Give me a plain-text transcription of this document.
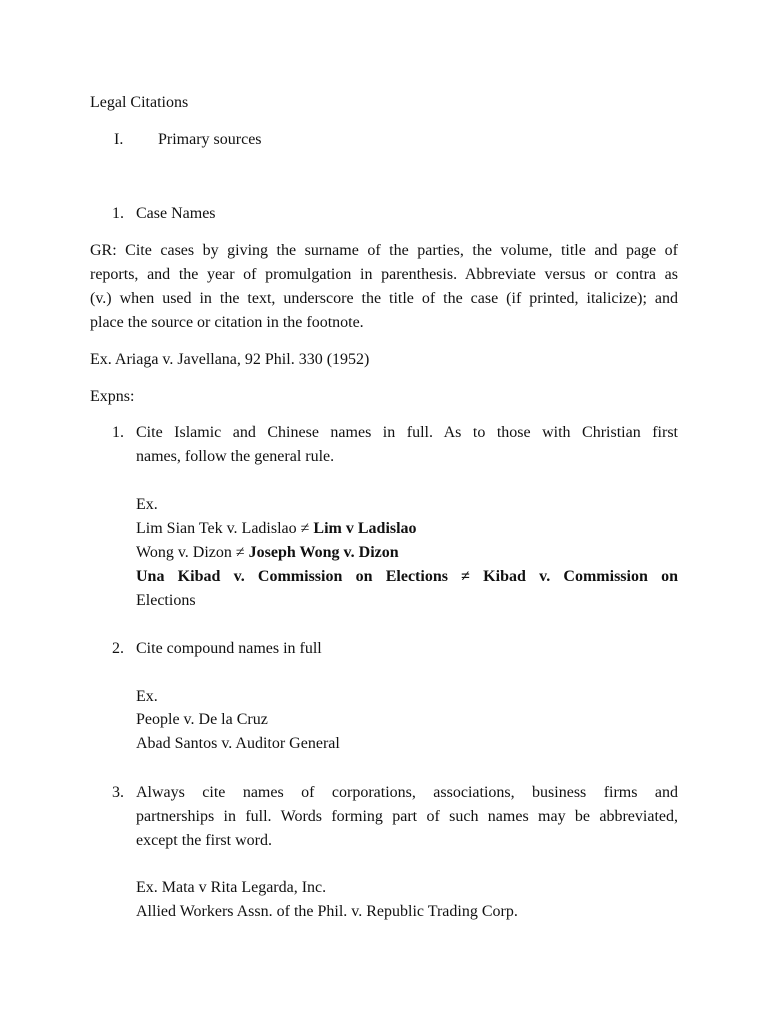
Legal Citations
I. Primary sources
1. Case Names
GR: Cite cases by giving the surname of the parties, the volume, title and page of
reports, and the year of promulgation in parenthesis. Abbreviate versus or contra as
(v.) when used in the text, underscore the title of the case (if printed, italicize); and
place the source or citation in the footnote.
Ex. Ariaga v. Javellana, 92 Phil. 330 (1952)
Expns:
1. Cite Islamic and Chinese names in full. As to those with Christian first
names, follow the general rule.
Ex.
Lim Sian Tek v. Ladislao ≠ Lim v Ladislao
Wong v. Dizon ≠ Joseph Wong v. Dizon
Una Kibad v. Commission on Elections ≠ Kibad v. Commission on
Elections
2. Cite compound names in full
Ex.
People v. De la Cruz
Abad Santos v. Auditor General
3. Always cite names of corporations, associations, business firms and
partnerships in full. Words forming part of such names may be abbreviated,
except the first word.
Ex. Mata v Rita Legarda, Inc.
Allied Workers Assn. of the Phil. v. Republic Trading Corp.
